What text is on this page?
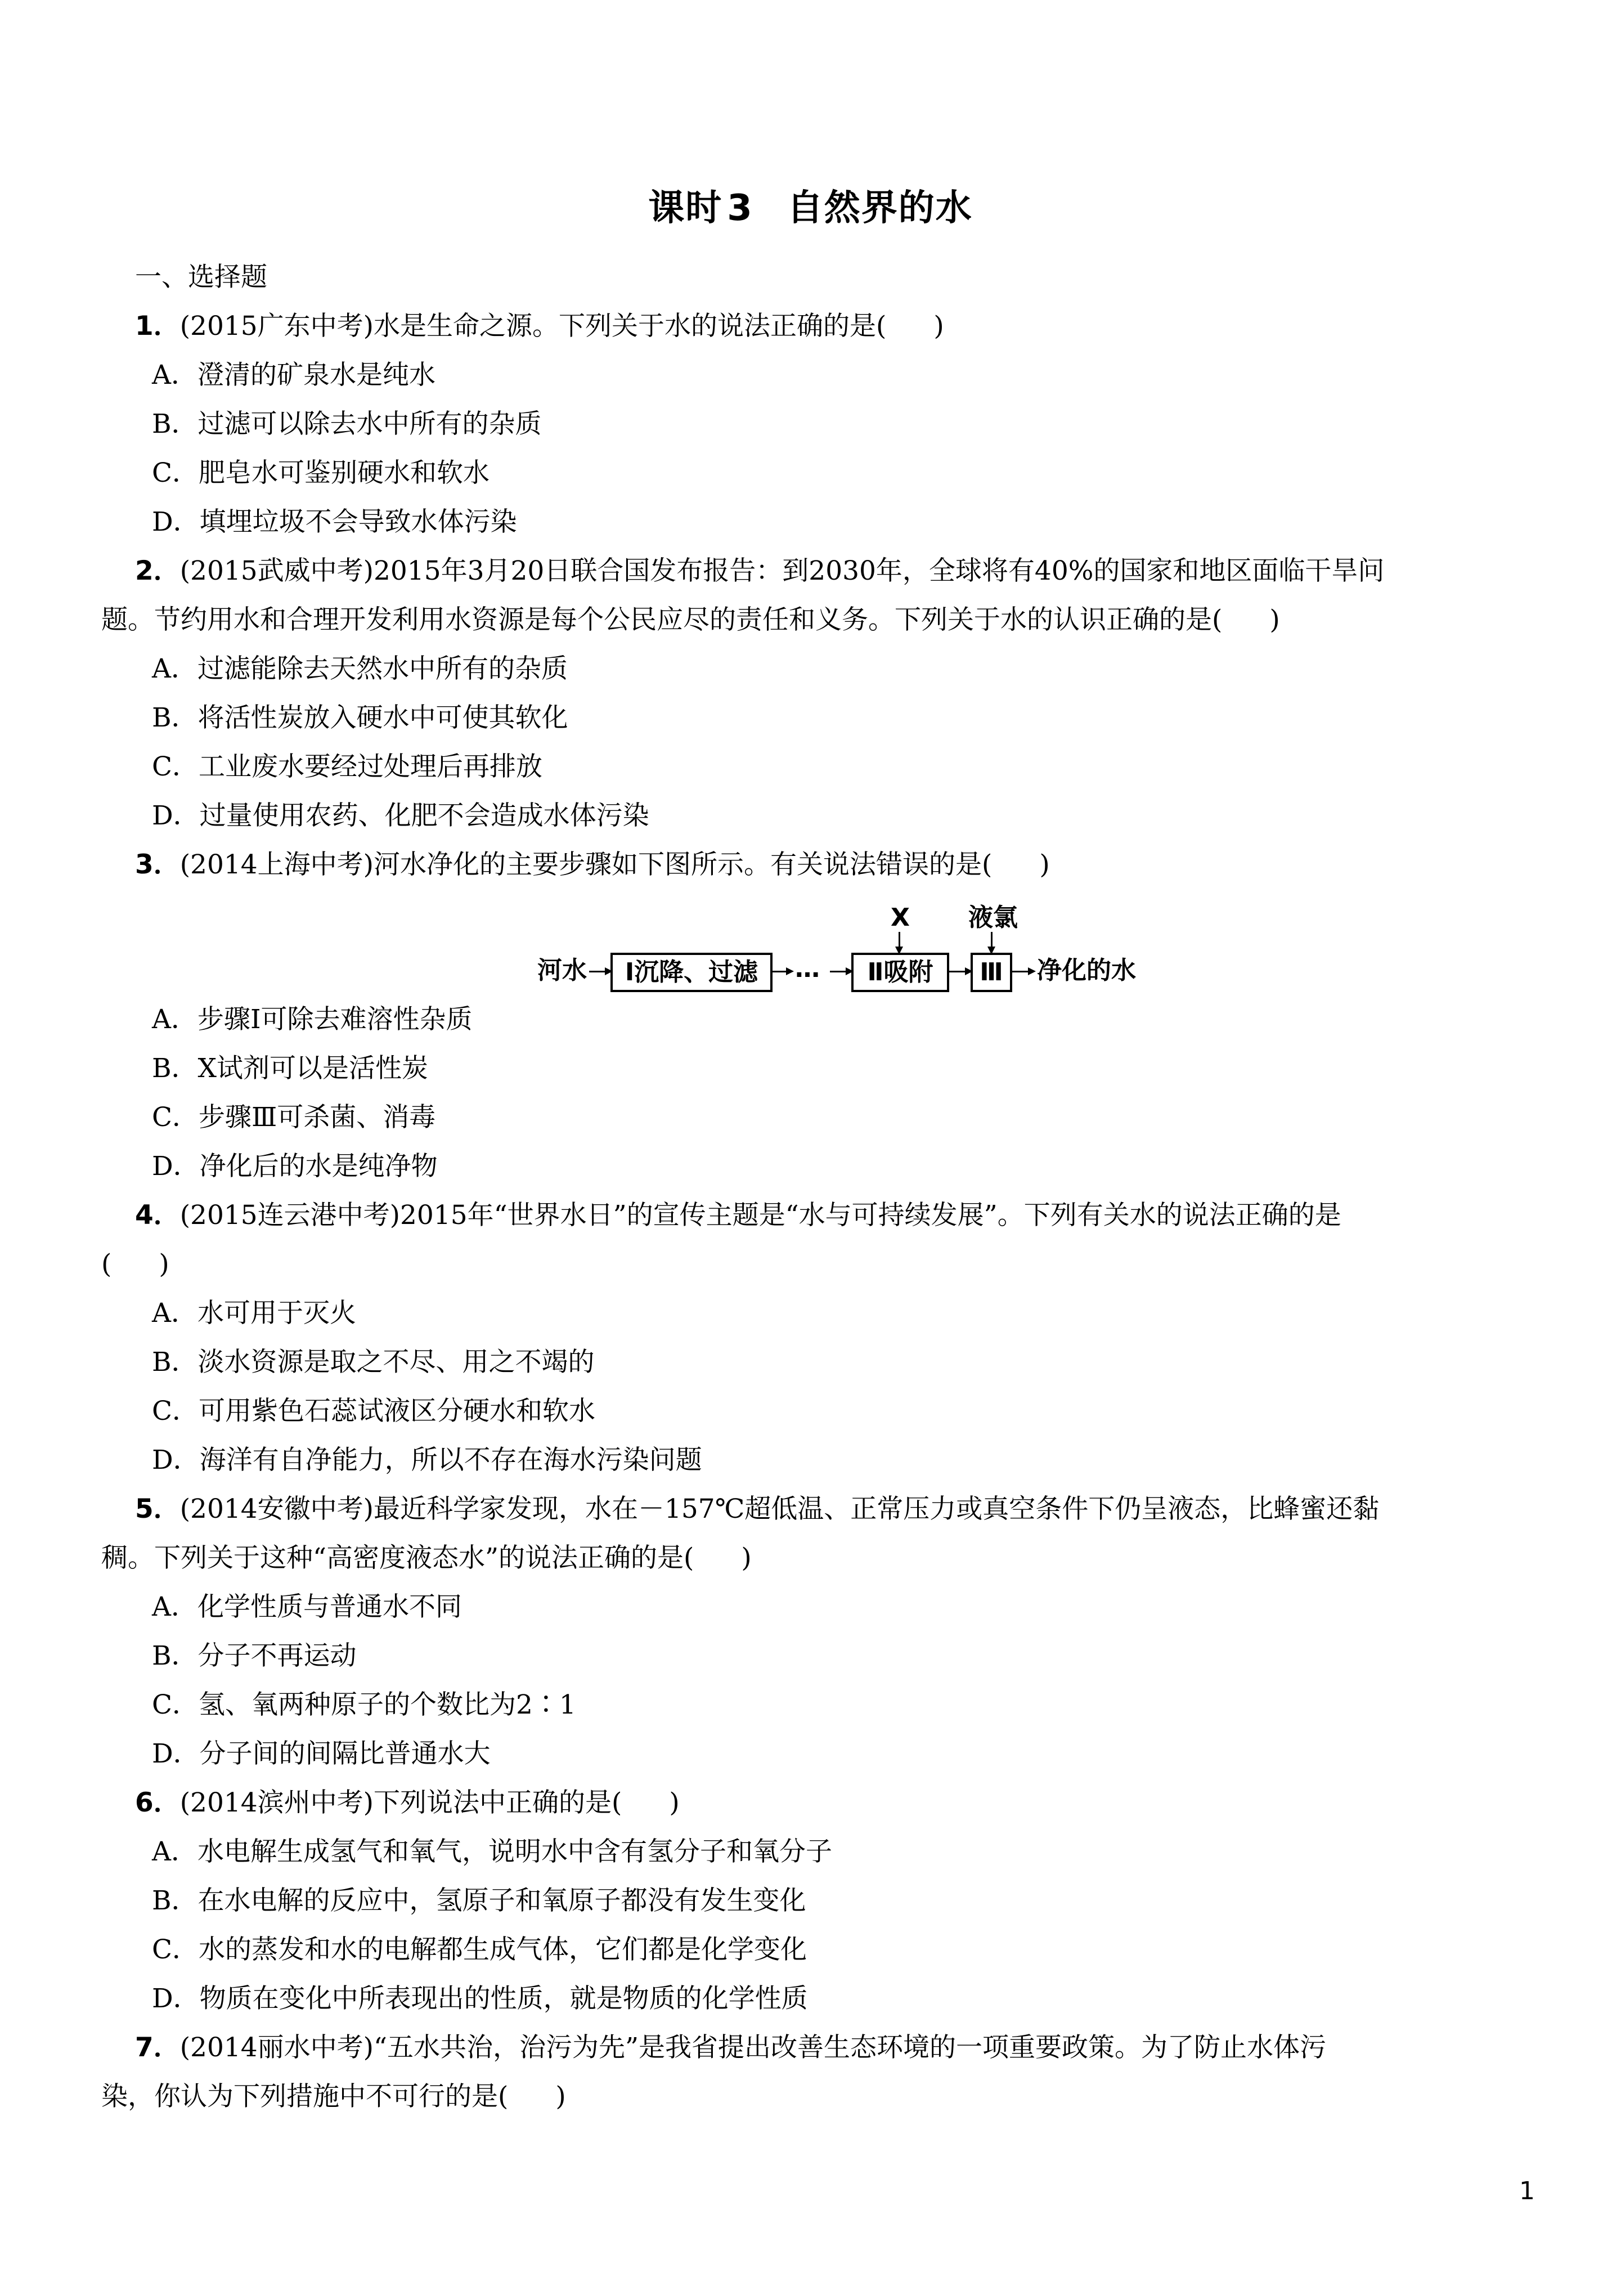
课时 3 自然界的水

一、选择题

1．(2015广东中考)水是生命之源。下列关于水的说法正确的是( )

A．澄清的矿泉水是纯水

B．过滤可以除去水中所有的杂质

C．肥皂水可鉴别硬水和软水

D．填埋垃圾不会导致水体污染

2．(2015武威中考)2015年3月20日联合国发布报告：到2030年，全球将有40%的国家和地区面临干旱问

题。节约用水和合理开发利用水资源是每个公民应尽的责任和义务。下列关于水的认识正确的是( )

A．过滤能除去天然水中所有的杂质

B．将活性炭放入硬水中可使其软化

C．工业废水要经过处理后再排放

D．过量使用农药、化肥不会造成水体污染

3．(2014上海中考)河水净化的主要步骤如下图所示。有关说法错误的是( )

河水	Ⅰ沉降、过滤	…	Ⅱ吸附
X
Ⅲ
液氯
净化的水

A．步骤Ⅰ可除去难溶性杂质

B．X试剂可以是活性炭

C．步骤Ⅲ可杀菌、消毒

D．净化后的水是纯净物

4．(2015连云港中考)2015年“世界水日”的宣传主题是“水与可持续发展”。下列有关水的说法正确的是

( )

A．水可用于灭火

B．淡水资源是取之不尽、用之不竭的

C．可用紫色石蕊试液区分硬水和软水

D．海洋有自净能力，所以不存在海水污染问题

5．(2014安徽中考)最近科学家发现，水在－157℃超低温、正常压力或真空条件下仍呈液态，比蜂蜜还黏

稠。下列关于这种“高密度液态水”的说法正确的是( )

A．化学性质与普通水不同

B．分子不再运动

C．氢、氧两种原子的个数比为2∶1

D．分子间的间隔比普通水大

6．(2014滨州中考)下列说法中正确的是( )

A．水电解生成氢气和氧气，说明水中含有氢分子和氧分子

B．在水电解的反应中，氢原子和氧原子都没有发生变化

C．水的蒸发和水的电解都生成气体，它们都是化学变化

D．物质在变化中所表现出的性质，就是物质的化学性质

7．(2014丽水中考)“五水共治，治污为先”是我省提出改善生态环境的一项重要政策。为了防止水体污

染，你认为下列措施中不可行的是( )

1
